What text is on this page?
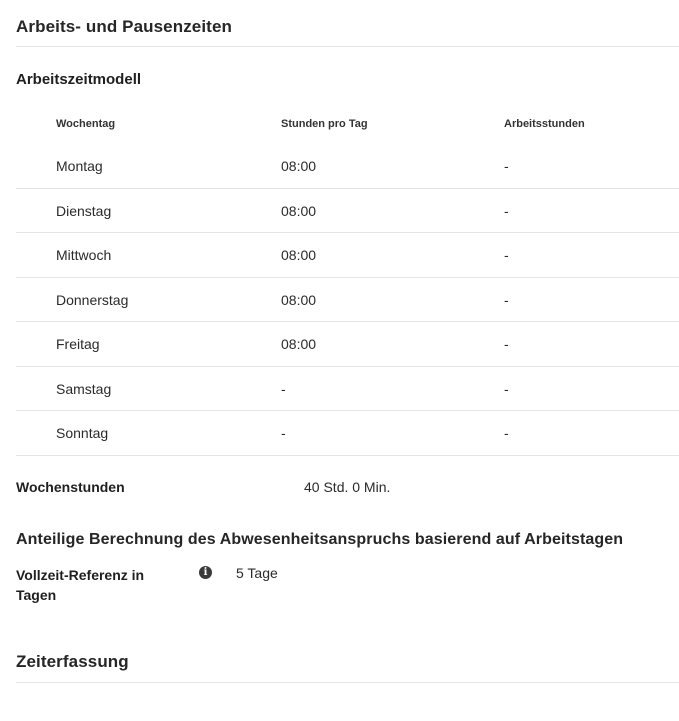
Arbeits- und Pausenzeiten
Arbeitszeitmodell
Wochentag	Stunden pro Tag	Arbeitsstunden
Montag	08:00	-
Dienstag	08:00	-
Mittwoch	08:00	-
Donnerstag	08:00	-
Freitag	08:00	-
Samstag	-	-
Sonntag	-	-
Wochenstunden	40 Std. 0 Min.
Anteilige Berechnung des Abwesenheitsanspruchs basierend auf Arbeitstagen
Vollzeit-Referenz in
Tagen
i	5 Tage
Zeiterfassung
